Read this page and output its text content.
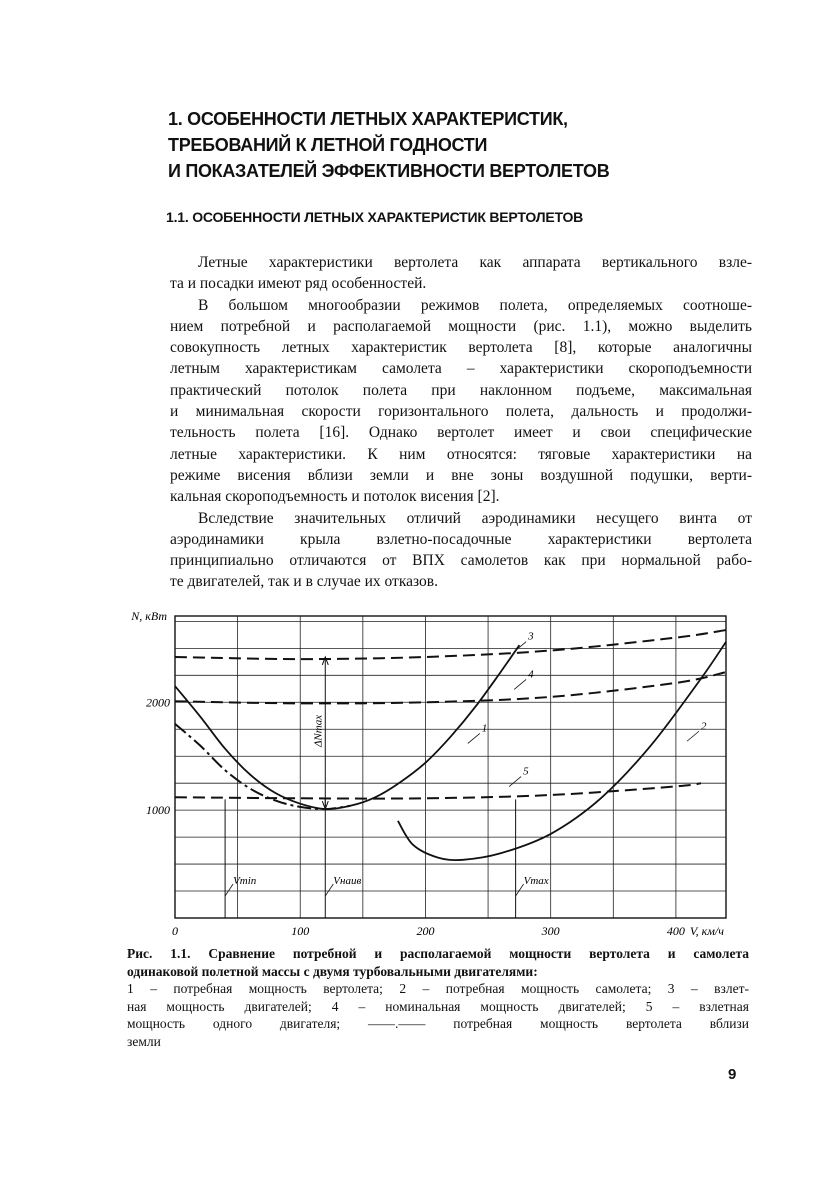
1. ОСОБЕННОСТИ ЛЕТНЫХ ХАРАКТЕРИСТИК,
ТРЕБОВАНИЙ К ЛЕТНОЙ ГОДНОСТИ
И ПОКАЗАТЕЛЕЙ ЭФФЕКТИВНОСТИ ВЕРТОЛЕТОВ
1.1. ОСОБЕННОСТИ ЛЕТНЫХ ХАРАКТЕРИСТИК ВЕРТОЛЕТОВ
Летные характеристики вертолета как аппарата вертикального взле-
та и посадки имеют ряд особенностей.
В большом многообразии режимов полета, определяемых соотноше-
нием потребной и располагаемой мощности (рис. 1.1), можно выделить
совокупность летных характеристик вертолета [8], которые аналогичны
летным характеристикам самолета – характеристики скороподъемности
практический потолок полета при наклонном подъеме, максимальная
и минимальная скорости горизонтального полета, дальность и продолжи-
тельность полета [16]. Однако вертолет имеет и свои специфические
летные характеристики. К ним относятся: тяговые характеристики на
режиме висения вблизи земли и вне зоны воздушной подушки, верти-
кальная скороподъемность и потолок висения [2].
Вследствие значительных отличий аэродинамики несущего винта от
аэродинамики крыла взлетно-посадочные характеристики вертолета
принципиально отличаются от ВПХ самолетов как при нормальной рабо-
те двигателей, так и в случае их отказов.
0	100	200	300	400
1000
2000
V, км/ч
N, кВт
Vmin	Vнаив	Vmax
ΔNmax	1	2
3
4
5
Рис. 1.1. Сравнение потребной и располагаемой мощности вертолета и самолета
одинаковой полетной массы с двумя турбовальными двигателями:
1 – потребная мощность вертолета; 2 – потребная мощность самолета; 3 – взлет-
ная мощность двигателей; 4 – номинальная мощность двигателей; 5 – взлетная
мощность одного двигателя; ——.—— потребная мощность вертолета вблизи
земли
9
